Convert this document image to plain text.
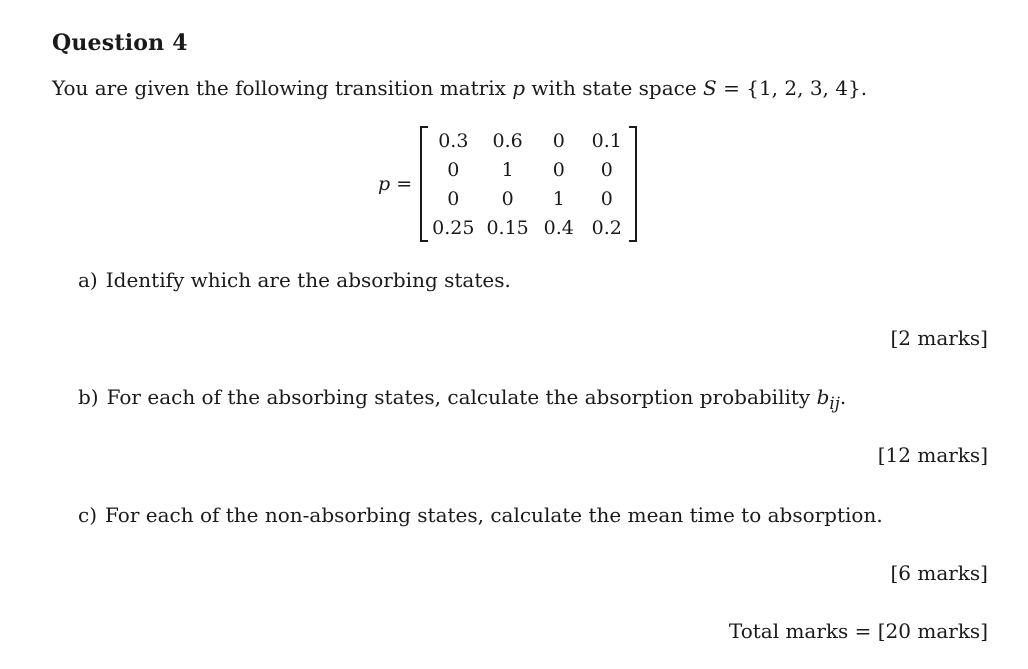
Question 4
You are given the following transition matrix p with state space S = {1, 2, 3, 4}.
p =
0.3	0.6	0	0.1
0	1	0	0
0	0	1	0
0.25	0.15	0.4	0.2
a) Identify which are the absorbing states.
[2 marks]
b) For each of the absorbing states, calculate the absorption probability $b_{ij}$.
[12 marks]
c) For each of the non-absorbing states, calculate the mean time to absorption.
[6 marks]
Total marks = [20 marks]
